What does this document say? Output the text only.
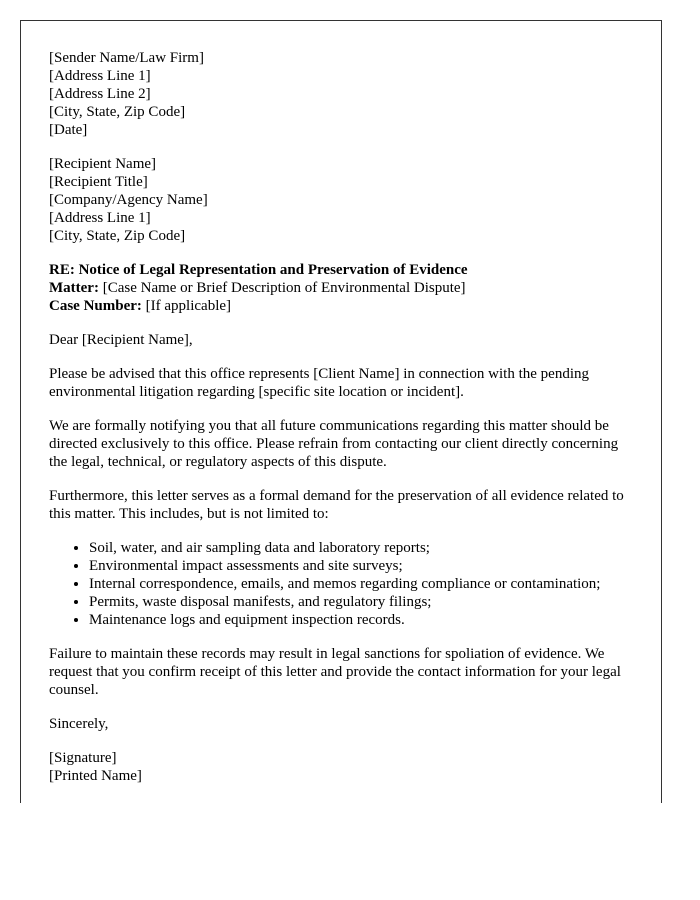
[Sender Name/Law Firm]
[Address Line 1]
[Address Line 2]
[City, State, Zip Code]
[Date]
[Recipient Name]
[Recipient Title]
[Company/Agency Name]
[Address Line 1]
[City, State, Zip Code]
RE: Notice of Legal Representation and Preservation of Evidence
Matter: [Case Name or Brief Description of Environmental Dispute]
Case Number: [If applicable]

Dear [Recipient Name],

Please be advised that this office represents [Client Name] in connection with the pending environmental litigation regarding [specific site location or incident].

We are formally notifying you that all future communications regarding this matter should be directed exclusively to this office. Please refrain from contacting our client directly concerning the legal, technical, or regulatory aspects of this dispute.

Furthermore, this letter serves as a formal demand for the preservation of all evidence related to this matter. This includes, but is not limited to:

• Soil, water, and air sampling data and laboratory reports;
• Environmental impact assessments and site surveys;
• Internal correspondence, emails, and memos regarding compliance or contamination;
• Permits, waste disposal manifests, and regulatory filings;
• Maintenance logs and equipment inspection records.

Failure to maintain these records may result in legal sanctions for spoliation of evidence. We request that you confirm receipt of this letter and provide the contact information for your legal counsel.

Sincerely,

[Signature]
[Printed Name]
